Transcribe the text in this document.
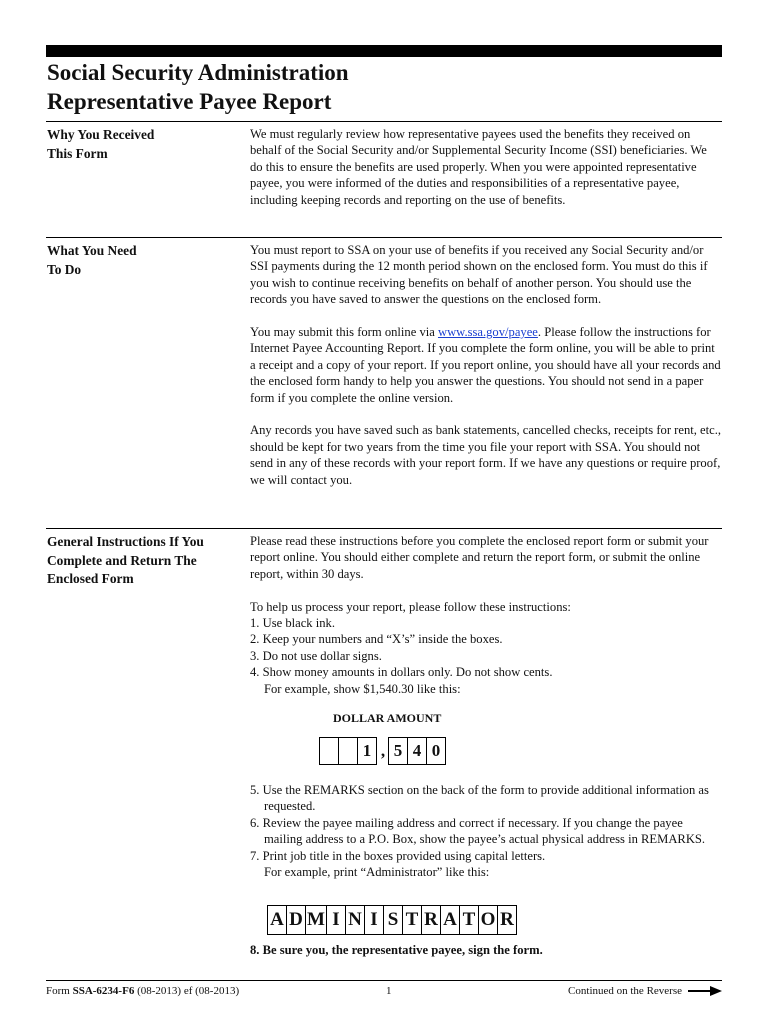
Social Security Administration
Representative Payee Report
Why You Received
This Form

We must regularly review how representative payees used the benefits they received on behalf of the Social Security and/or Supplemental Security Income (SSI) beneficiaries. We do this to ensure the benefits are used properly. When you were appointed representative payee, you were informed of the duties and responsibilities of a representative payee, including keeping records and reporting on the use of benefits.

What You Need
To Do

You must report to SSA on your use of benefits if you received any Social Security and/or SSI payments during the 12 month period shown on the enclosed form. You must do this if you wish to continue receiving benefits on behalf of another person. You should use the records you have saved to answer the questions on the enclosed form.

You may submit this form online via www.ssa.gov/payee. Please follow the instructions for Internet Payee Accounting Report. If you complete the form online, you will be able to print a receipt and a copy of your report. If you report online, you should have all your records and the enclosed form handy to help you answer the questions. You should not send in a paper form if you complete the online version.

Any records you have saved such as bank statements, cancelled checks, receipts for rent, etc., should be kept for two years from the time you file your report with SSA. You should not send in any of these records with your report form. If we have any questions or require proof, we will contact you.

General Instructions If You
Complete and Return The
Enclosed Form

Please read these instructions before you complete the enclosed report form or submit your report online. You should either complete and return the report form, or submit the online report, within 30 days.

To help us process your report, please follow these instructions:

1. Use black ink.

2. Keep your numbers and “X’s” inside the boxes.

3. Do not use dollar signs.

4. Show money amounts in dollars only. Do not show cents.

For example, show $1,540.30 like this:

5. Use the REMARKS section on the back of the form to provide additional information as requested.

6. Review the payee mailing address and correct if necessary. If you change the payee mailing address to a P.O. Box, show the payee’s actual physical address in REMARKS.

7. Print job title in the boxes provided using capital letters.

For example, print “Administrator” like this:

DOLLAR AMOUNT
1 , 5 4 0
A D M I N I S T R A T O R
8. Be sure you, the representative payee, sign the form.
Form SSA-6234-F6 (08-2013) ef (08-2013)	1	Continued on the Reverse
